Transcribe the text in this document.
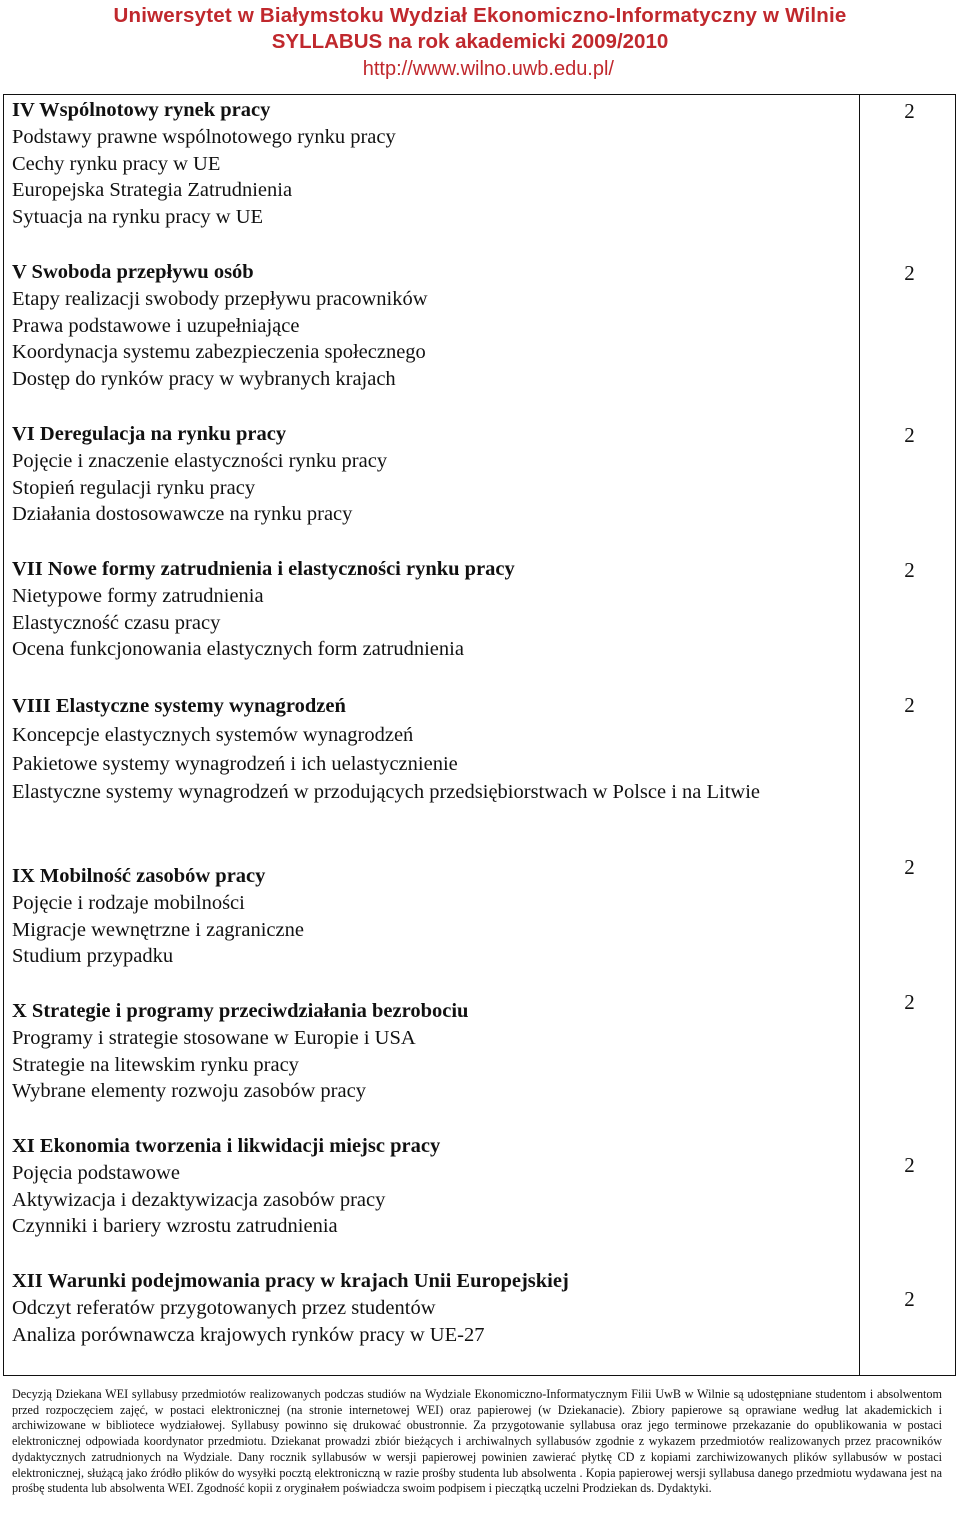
Uniwersytet w Białymstoku Wydział Ekonomiczno-Informatyczny w Wilnie
SYLLABUS na rok akademicki 2009/2010
http://www.wilno.uwb.edu.pl/
IV Wspólnotowy rynek pracy
Podstawy prawne wspólnotowego rynku pracy
Cechy rynku pracy w UE
Europejska Strategia Zatrudnienia
Sytuacja na rynku pracy w UE
2
V Swoboda przepływu osób
Etapy realizacji swobody przepływu pracowników
Prawa podstawowe i uzupełniające
Koordynacja systemu zabezpieczenia społecznego
Dostęp do rynków pracy w wybranych krajach
2
VI Deregulacja na rynku pracy
Pojęcie i znaczenie elastyczności rynku pracy
Stopień regulacji rynku pracy
Działania dostosowawcze na rynku pracy
2
VII Nowe formy zatrudnienia i elastyczności rynku pracy
Nietypowe formy zatrudnienia
Elastyczność czasu pracy
Ocena funkcjonowania elastycznych form zatrudnienia
2
VIII Elastyczne systemy wynagrodzeń
Koncepcje elastycznych systemów wynagrodzeń
Pakietowe systemy wynagrodzeń i ich uelastycznienie
Elastyczne systemy wynagrodzeń w przodujących przedsiębiorstwach w Polsce i na Litwie
2
IX Mobilność zasobów pracy
Pojęcie i rodzaje mobilności
Migracje wewnętrzne i zagraniczne
Studium przypadku
2
X Strategie i programy przeciwdziałania bezrobociu
Programy i strategie stosowane w Europie i USA
Strategie na litewskim rynku pracy
Wybrane elementy rozwoju zasobów pracy
2
XI Ekonomia tworzenia i likwidacji miejsc pracy
Pojęcia podstawowe
Aktywizacja i dezaktywizacja zasobów pracy
Czynniki i bariery wzrostu zatrudnienia
2
XII Warunki podejmowania pracy w krajach Unii Europejskiej
Odczyt referatów przygotowanych przez studentów
Analiza porównawcza krajowych rynków pracy w UE-27
2
Decyzją Dziekana WEI syllabusy przedmiotów realizowanych podczas studiów na Wydziale Ekonomiczno-Informatycznym Filii UwB w Wilnie są udostępniane studentom i absolwentom przed rozpoczęciem zajęć, w postaci elektronicznej (na stronie internetowej WEI) oraz papierowej (w Dziekanacie). Zbiory papierowe są oprawiane według lat akademickich i archiwizowane w bibliotece wydziałowej. Syllabusy powinno się drukować obustronnie. Za przygotowanie syllabusa oraz jego terminowe przekazanie do opublikowania w postaci elektronicznej odpowiada koordynator przedmiotu. Dziekanat prowadzi zbiór bieżących i archiwalnych syllabusów zgodnie z wykazem przedmiotów realizowanych przez pracowników dydaktycznych zatrudnionych na Wydziale. Dany rocznik syllabusów w wersji papierowej powinien zawierać płytkę CD z kopiami zarchiwizowanych plików syllabusów w postaci elektronicznej, służącą jako źródło plików do wysyłki pocztą elektroniczną w razie prośby studenta lub absolwenta . Kopia papierowej wersji syllabusa danego przedmiotu wydawana jest na prośbę studenta lub absolwenta WEI. Zgodność kopii z oryginałem poświadcza swoim podpisem i pieczątką uczelni Prodziekan ds. Dydaktyki.
